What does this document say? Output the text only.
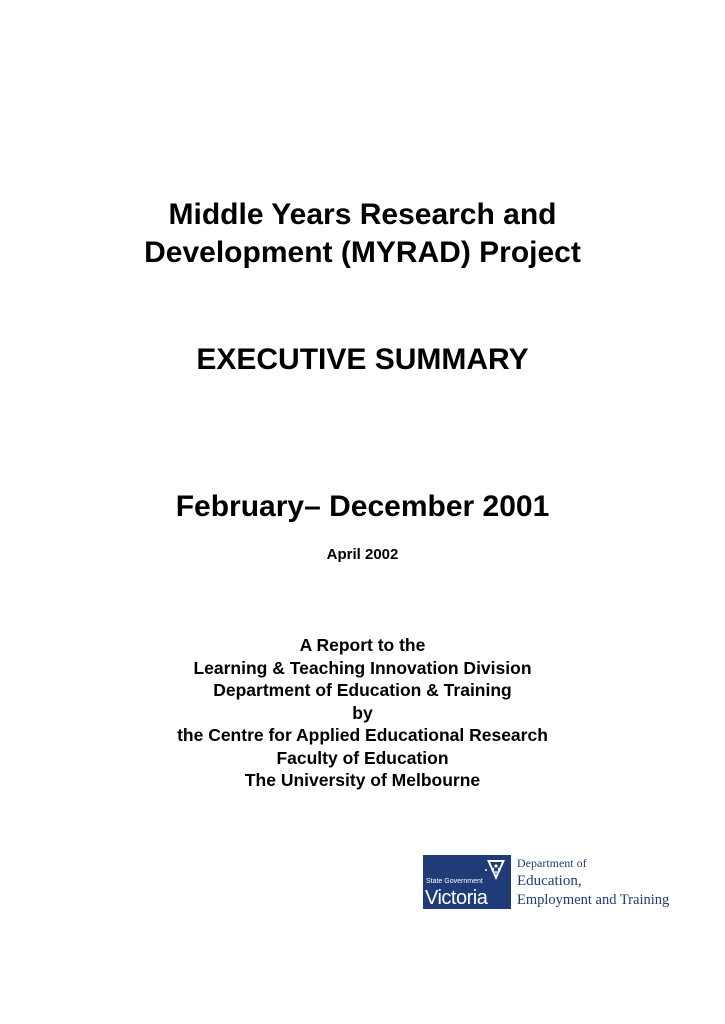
Middle Years Research and
Development (MYRAD) Project
EXECUTIVE SUMMARY
February– December 2001
April 2002
A Report to the
Learning & Teaching Innovation Division
Department of Education & Training
by
the Centre for Applied Educational Research
Faculty of Education
The University of Melbourne
State Government
Victoria
Department of
Education,
Employment and Training
